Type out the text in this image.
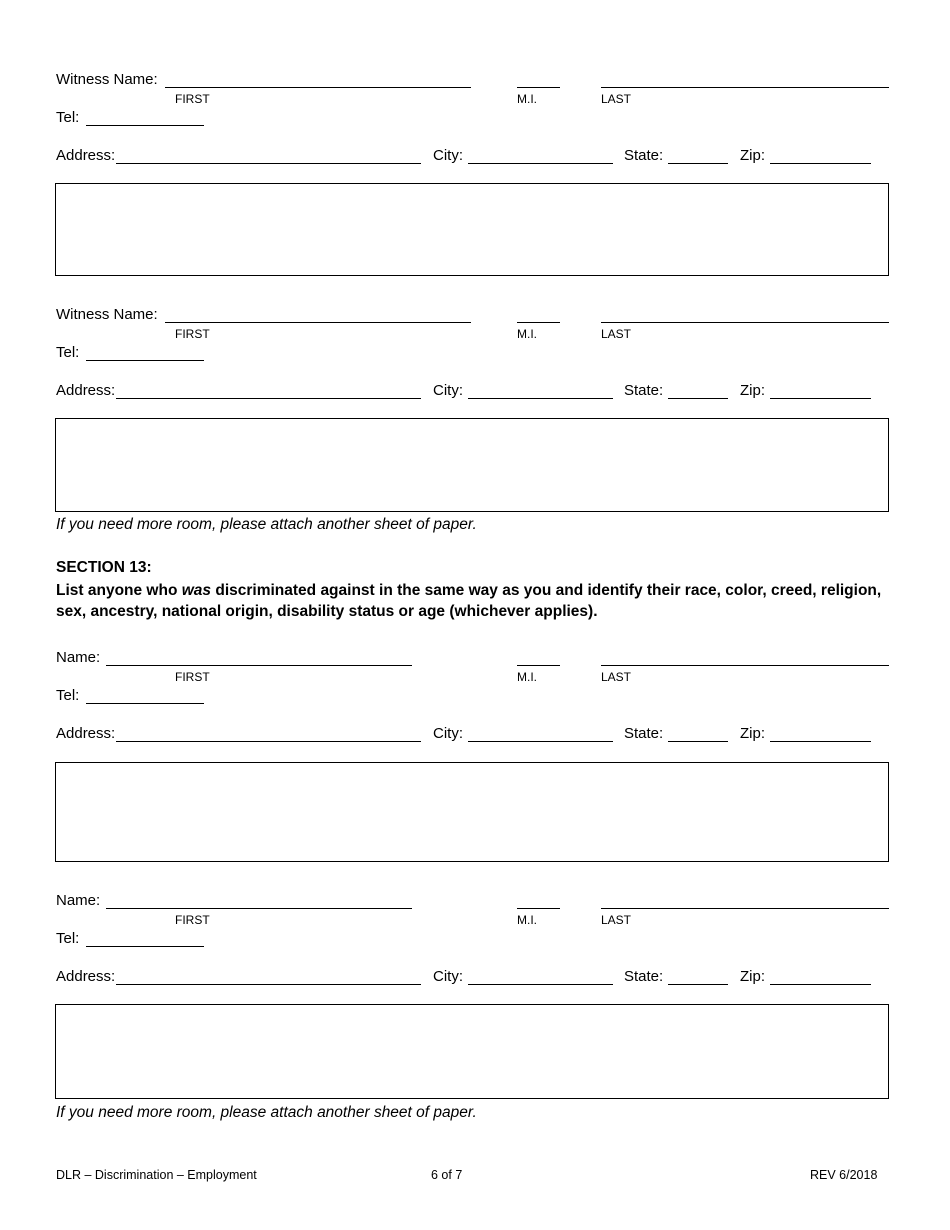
Witness Name:
FIRST	M.I.	LAST
Tel:
Address:	City:	State:	Zip:
Witness Name:
FIRST	M.I.	LAST
Tel:
Address:	City:	State:	Zip:
If you need more room, please attach another sheet of paper.
SECTION 13:
List anyone who was discriminated against in the same way as you and identify their race, color, creed, religion, sex, ancestry, national origin, disability status or age (whichever applies).
Name:
FIRST	M.I.	LAST
Tel:
Address:	City:	State:	Zip:
Name:
FIRST	M.I.	LAST
Tel:
Address:	City:	State:	Zip:
If you need more room, please attach another sheet of paper.
DLR – Discrimination – Employment	6 of 7	REV 6/2018
